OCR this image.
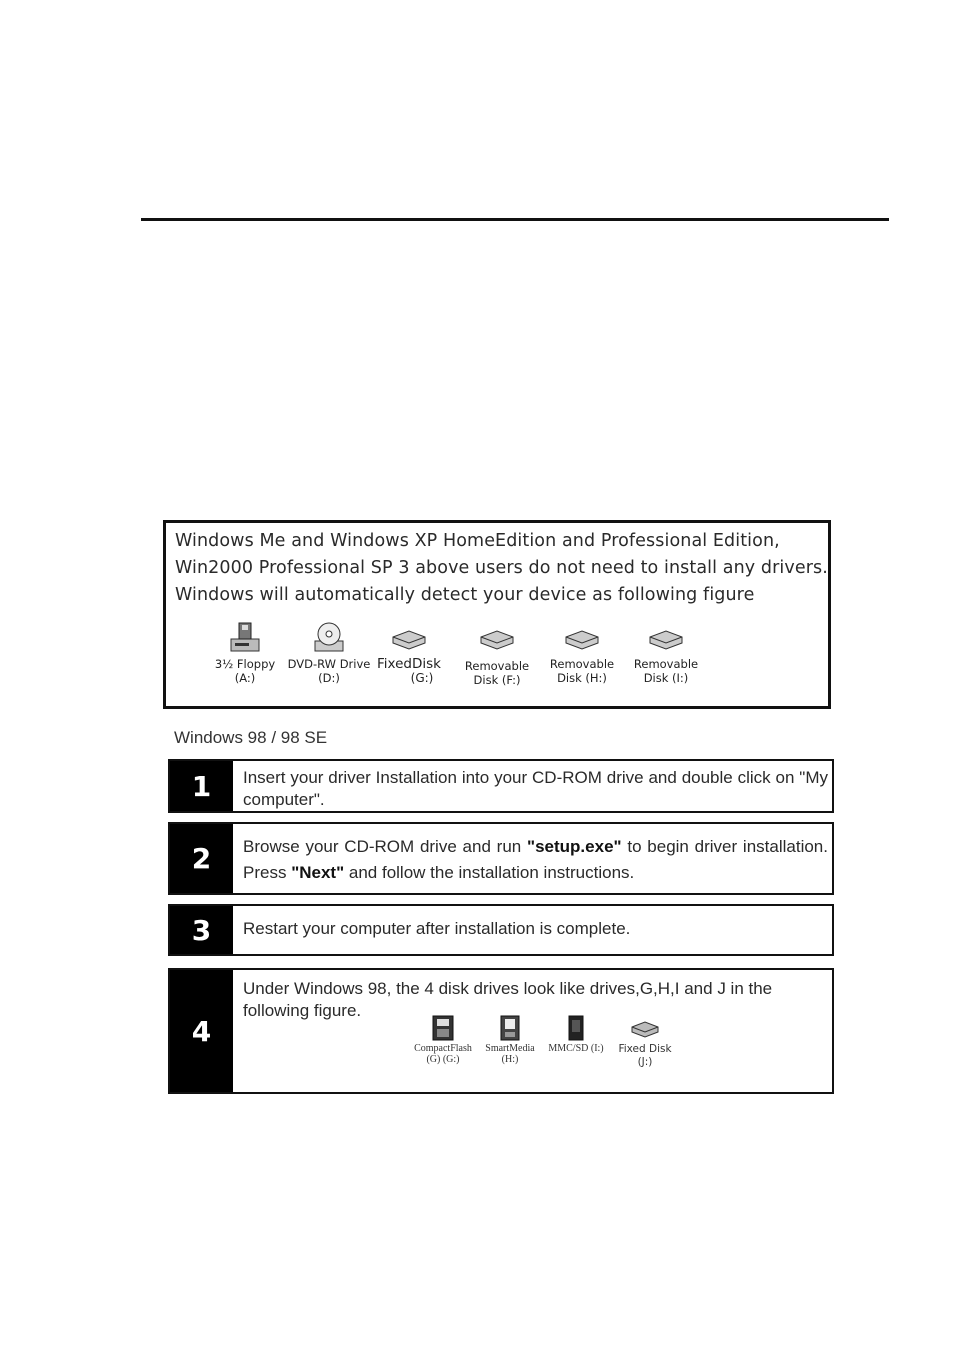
Windows Me and Windows XP HomeEdition and Professional Edition,
Win2000 Professional SP 3 above users do not need to install any drivers.
Windows will automatically detect your device as following figure
3½ Floppy
(A:)
DVD-RW Drive
(D:)
FixedDisk
(G:)
Removable
Disk (F:)
Removable
Disk (H:)
Removable
Disk (I:)
Windows 98 / 98 SE
1	Insert your driver Installation into your CD-ROM drive and double click on "My computer".
2	Browse your CD-ROM drive and run "setup.exe" to begin driver installation. Press "Next" and follow the installation instructions.
3	Restart your computer after installation is complete.
4
Under Windows 98, the 4 disk drives look like drives,G,H,I and J in the following figure.
CompactFlash
(G) (G:)
SmartMedia
(H:)
MMC/SD (I:)	Fixed Disk
(J:)
